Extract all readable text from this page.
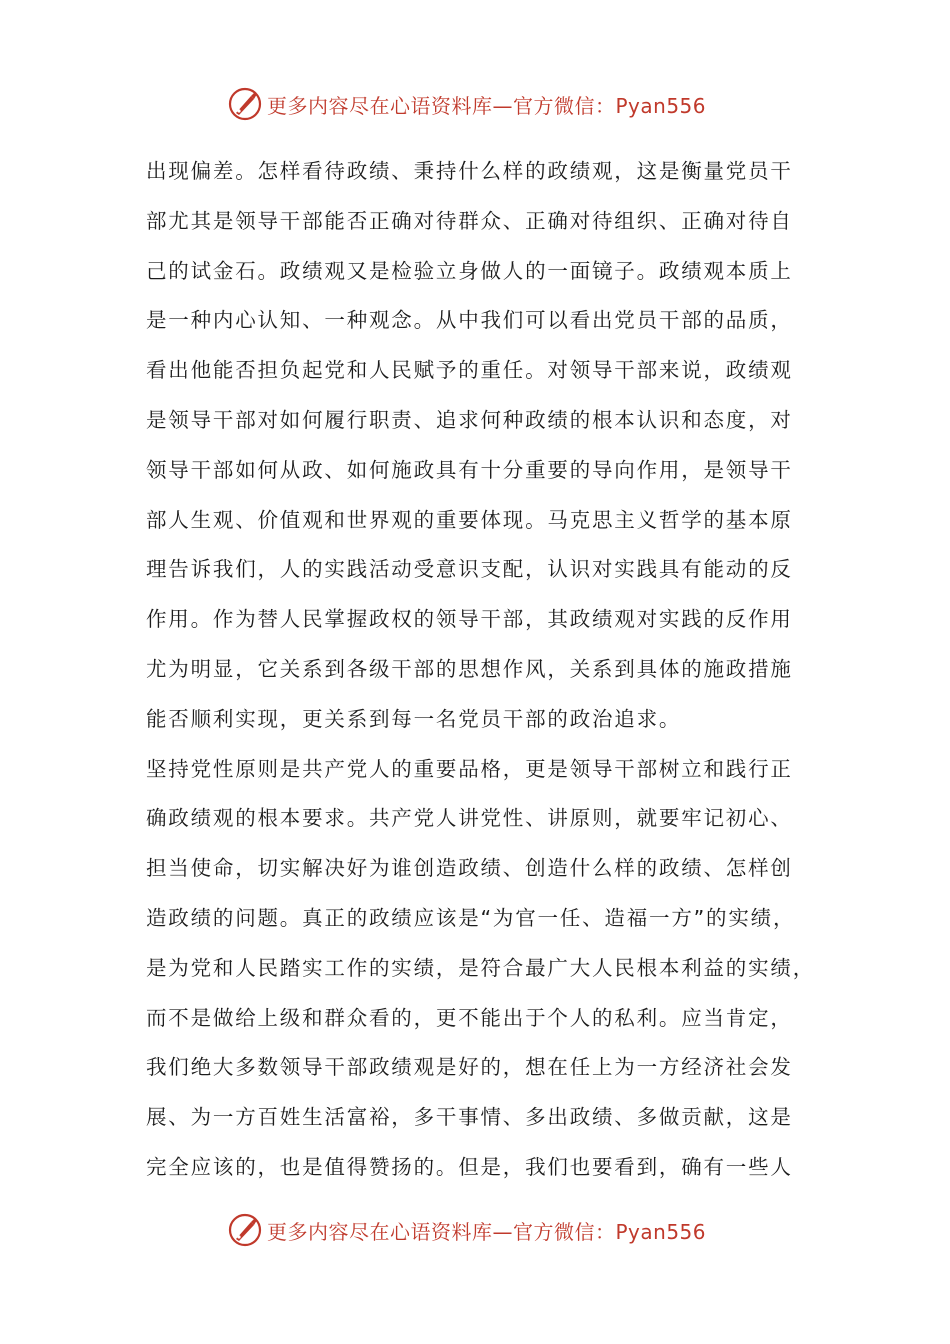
更多内容尽在心语资料库—官方微信：Pyan556
出现偏差。怎样看待政绩、秉持什么样的政绩观，这是衡量党员干
部尤其是领导干部能否正确对待群众、正确对待组织、正确对待自
己的试金石。政绩观又是检验立身做人的一面镜子。政绩观本质上
是一种内心认知、一种观念。从中我们可以看出党员干部的品质，
看出他能否担负起党和人民赋予的重任。对领导干部来说，政绩观
是领导干部对如何履行职责、追求何种政绩的根本认识和态度，对
领导干部如何从政、如何施政具有十分重要的导向作用，是领导干
部人生观、价值观和世界观的重要体现。马克思主义哲学的基本原
理告诉我们，人的实践活动受意识支配，认识对实践具有能动的反
作用。作为替人民掌握政权的领导干部，其政绩观对实践的反作用
尤为明显，它关系到各级干部的思想作风，关系到具体的施政措施
能否顺利实现，更关系到每一名党员干部的政治追求。
坚持党性原则是共产党人的重要品格，更是领导干部树立和践行正
确政绩观的根本要求。共产党人讲党性、讲原则，就要牢记初心、
担当使命，切实解决好为谁创造政绩、创造什么样的政绩、怎样创
造政绩的问题。真正的政绩应该是“为官一任、造福一方”的实绩，
是为党和人民踏实工作的实绩，是符合最广大人民根本利益的实绩，
而不是做给上级和群众看的，更不能出于个人的私利。应当肯定，
我们绝大多数领导干部政绩观是好的，想在任上为一方经济社会发
展、为一方百姓生活富裕，多干事情、多出政绩、多做贡献，这是
完全应该的，也是值得赞扬的。但是，我们也要看到，确有一些人
更多内容尽在心语资料库—官方微信：Pyan556
